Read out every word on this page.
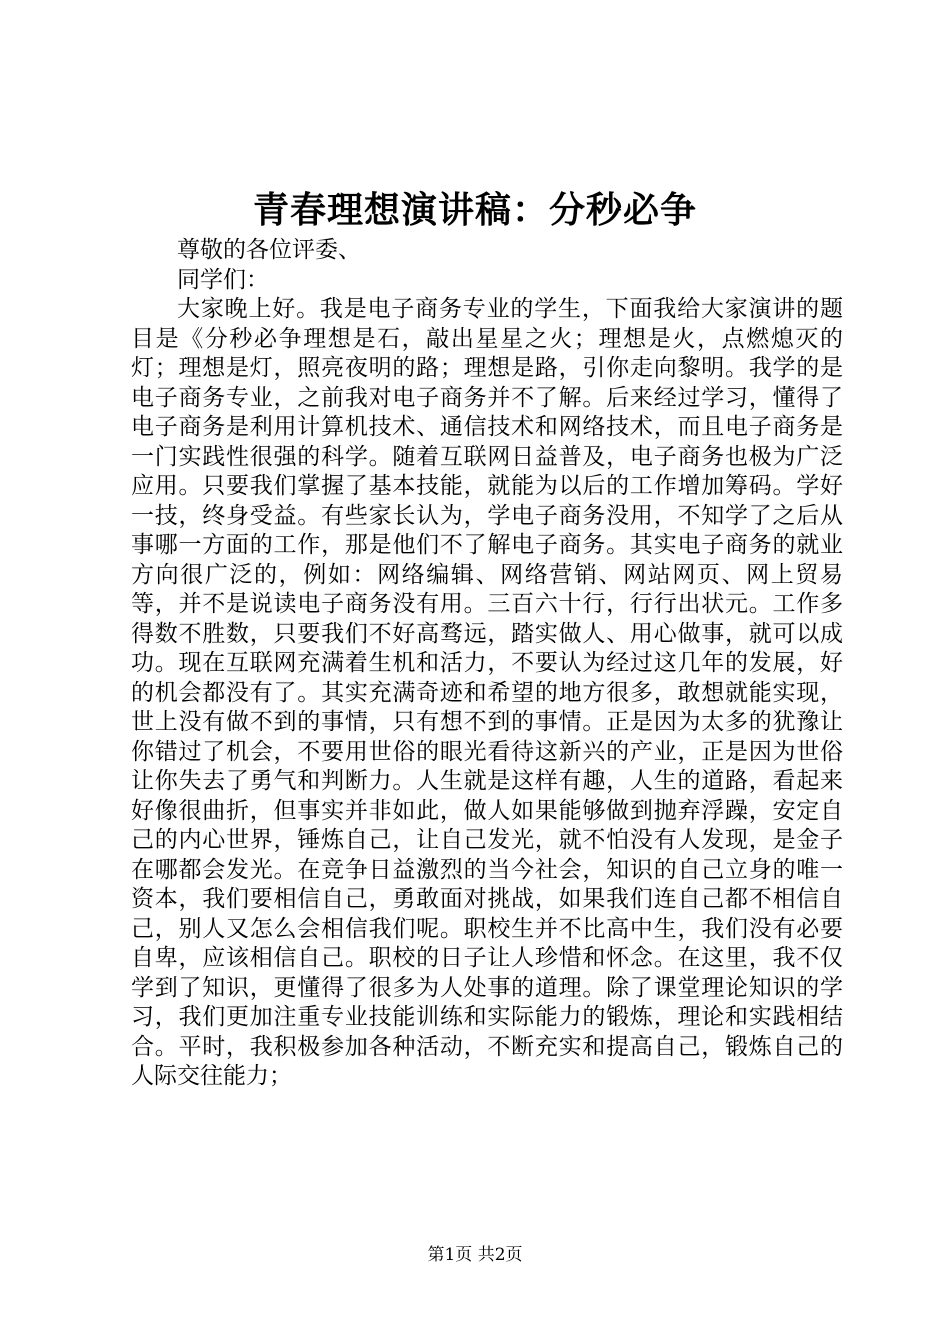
青春理想演讲稿：分秒必争

尊敬的各位评委、

同学们：

大家晚上好。我是电子商务专业的学生，下面我给大家演讲的题目是《分秒必争理想是石，敲出星星之火；理想是火，点燃熄灭的灯；理想是灯，照亮夜明的路；理想是路，引你走向黎明。我学的是电子商务专业，之前我对电子商务并不了解。后来经过学习，懂得了电子商务是利用计算机技术、通信技术和网络技术，而且电子商务是一门实践性很强的科学。随着互联网日益普及，电子商务也极为广泛应用。只要我们掌握了基本技能，就能为以后的工作增加筹码。学好一技，终身受益。有些家长认为，学电子商务没用，不知学了之后从事哪一方面的工作，那是他们不了解电子商务。其实电子商务的就业方向很广泛的，例如：网络编辑、网络营销、网站网页、网上贸易等，并不是说读电子商务没有用。三百六十行，行行出状元。工作多得数不胜数，只要我们不好高骛远，踏实做人、用心做事，就可以成功。现在互联网充满着生机和活力，不要认为经过这几年的发展，好的机会都没有了。其实充满奇迹和希望的地方很多，敢想就能实现，世上没有做不到的事情，只有想不到的事情。正是因为太多的犹豫让你错过了机会，不要用世俗的眼光看待这新兴的产业，正是因为世俗让你失去了勇气和判断力。人生就是这样有趣，人生的道路，看起来好像很曲折，但事实并非如此，做人如果能够做到抛弃浮躁，安定自己的内心世界，锤炼自己，让自己发光，就不怕没有人发现，是金子在哪都会发光。在竞争日益激烈的当今社会，知识的自己立身的唯一资本，我们要相信自己，勇敢面对挑战，如果我们连自己都不相信自己，别人又怎么会相信我们呢。职校生并不比高中生，我们没有必要自卑，应该相信自己。职校的日子让人珍惜和怀念。在这里，我不仅学到了知识，更懂得了很多为人处事的道理。除了课堂理论知识的学习，我们更加注重专业技能训练和实际能力的锻炼，理论和实践相结合。平时，我积极参加各种活动，不断充实和提高自己，锻炼自己的人际交往能力；

第1页 共2页
